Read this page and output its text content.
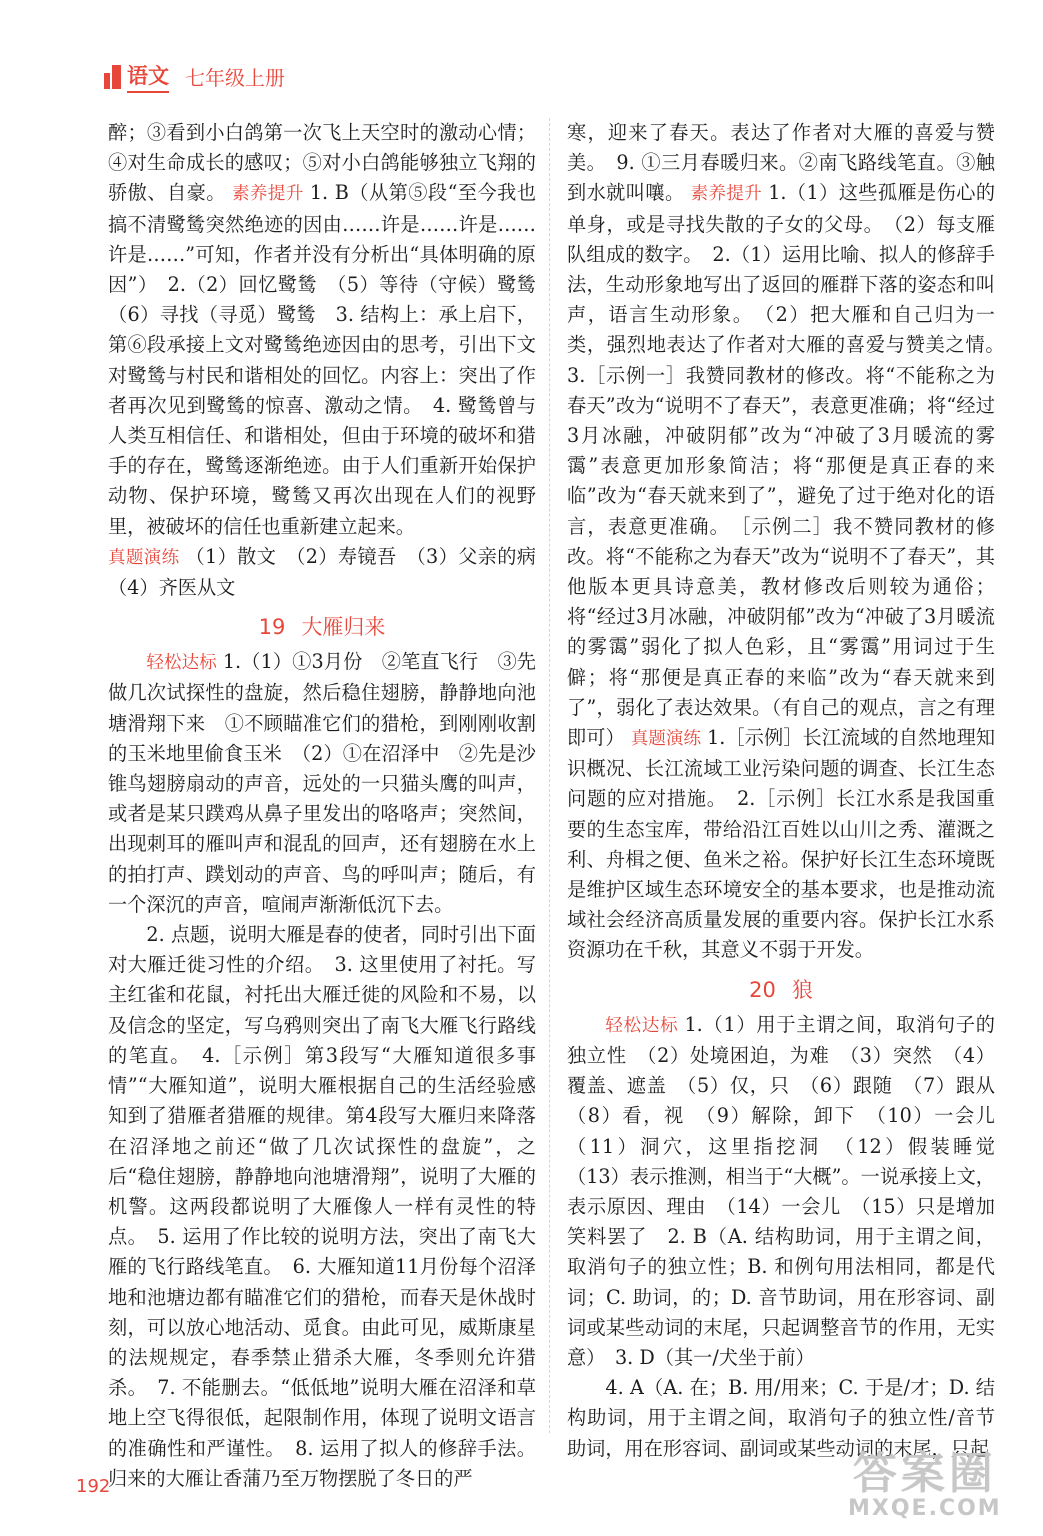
语文 七年级上册

醉；③看到小白鸽第一次飞上天空时的激动心情；④对生命成长的感叹；⑤对小白鸽能够独立飞翔的骄傲、自豪。 素养提升 1. B（从第⑤段“至今我也搞不清鹭鸶突然绝迹的因由……许是……许是……许是……”可知，作者并没有分析出“具体明确的原因”）　2.（2）回忆鹭鸶　（5）等待（守候）鹭鸶　（6）寻找（寻觅）鹭鸶　3. 结构上：承上启下，第⑥段承接上文对鹭鸶绝迹因由的思考，引出下文对鹭鸶与村民和谐相处的回忆。内容上：突出了作者再次见到鹭鸶的惊喜、激动之情。　4. 鹭鸶曾与人类互相信任、和谐相处，但由于环境的破坏和猎手的存在，鹭鸶逐渐绝迹。由于人们重新开始保护动物、保护环境，鹭鸶又再次出现在人们的视野里，被破坏的信任也重新建立起来。

真题演练 （1）散文　（2）寿镜吾　（3）父亲的病　（4）齐医从文

19 大雁归来

轻松达标 1.（1）①3月份　②笔直飞行　③先做几次试探性的盘旋，然后稳住翅膀，静静地向池塘滑翔下来　①不顾瞄准它们的猎枪，到刚刚收割的玉米地里偷食玉米　（2）①在沼泽中　②先是沙锥鸟翅膀扇动的声音，远处的一只猫头鹰的叫声，或者是某只蹼鸡从鼻子里发出的咯咯声；突然间，出现刺耳的雁叫声和混乱的回声，还有翅膀在水上的拍打声、蹼划动的声音、鸟的呼叫声；随后，有一个深沉的声音，喧闹声渐渐低沉下去。

2. 点题，说明大雁是春的使者，同时引出下面对大雁迁徙习性的介绍。　3. 这里使用了衬托。写主红雀和花鼠，衬托出大雁迁徙的风险和不易，以及信念的坚定，写乌鸦则突出了南飞大雁飞行路线的笔直。　4.［示例］第3段写“大雁知道很多事情”“大雁知道”，说明大雁根据自己的生活经验感知到了猎雁者猎雁的规律。第4段写大雁归来降落在沼泽地之前还“做了几次试探性的盘旋”，之后“稳住翅膀，静静地向池塘滑翔”，说明了大雁的机警。这两段都说明了大雁像人一样有灵性的特点。　5. 运用了作比较的说明方法，突出了南飞大雁的飞行路线笔直。　6. 大雁知道11月份每个沼泽地和池塘边都有瞄准它们的猎枪，而春天是休战时刻，可以放心地活动、觅食。由此可见，威斯康星的法规规定，春季禁止猎杀大雁，冬季则允许猎杀。　7. 不能删去。“低低地”说明大雁在沼泽和草地上空飞得很低，起限制作用，体现了说明文语言的准确性和严谨性。　8. 运用了拟人的修辞手法。归来的大雁让香蒲乃至万物摆脱了冬日的严

寒，迎来了春天。表达了作者对大雁的喜爱与赞美。　9. ①三月春暖归来。②南飞路线笔直。③触到水就叫嚷。 素养提升 1.（1）这些孤雁是伤心的单身，或是寻找失散的子女的父母。　（2）每支雁队组成的数字。　2.（1）运用比喻、拟人的修辞手法，生动形象地写出了返回的雁群下落的姿态和叫声，语言生动形象。　（2）把大雁和自己归为一类，强烈地表达了作者对大雁的喜爱与赞美之情。　3.［示例一］我赞同教材的修改。将“不能称之为春天”改为“说明不了春天”，表意更准确；将“经过3月冰融，冲破阴郁”改为“冲破了3月暖流的雾霭”表意更加形象简洁；将“那便是真正春的来临”改为“春天就来到了”，避免了过于绝对化的语言，表意更准确。　［示例二］我不赞同教材的修改。将“不能称之为春天”改为“说明不了春天”，其他版本更具诗意美，教材修改后则较为通俗；将“经过3月冰融，冲破阴郁”改为“冲破了3月暖流的雾霭”弱化了拟人色彩，且“雾霭”用词过于生僻；将“那便是真正春的来临”改为“春天就来到了”，弱化了表达效果。（有自己的观点，言之有理即可） 真题演练 1.［示例］长江流域的自然地理知识概况、长江流域工业污染问题的调查、长江生态问题的应对措施。　2.［示例］长江水系是我国重要的生态宝库，带给沿江百姓以山川之秀、灌溉之利、舟楫之便、鱼米之裕。保护好长江生态环境既是维护区域生态环境安全的基本要求，也是推动流域社会经济高质量发展的重要内容。保护长江水系资源功在千秋，其意义不弱于开发。

20 狼

轻松达标 1.（1）用于主谓之间，取消句子的独立性　（2）处境困迫，为难　（3）突然　（4）覆盖、遮盖　（5）仅，只　（6）跟随　（7）跟从　（8）看，视　（9）解除，卸下　（10）一会儿　（11）洞穴，这里指挖洞　（12）假装睡觉　（13）表示推测，相当于“大概”。一说承接上文，表示原因、理由　（14）一会儿　（15）只是增加笑料罢了　2. B（A. 结构助词，用于主谓之间，取消句子的独立性；B. 和例句用法相同，都是代词；C. 助词，的；D. 音节助词，用在形容词、副词或某些动词的末尾，只起调整音节的作用，无实意）　3. D（其一/犬坐于前）

4. A（A. 在；B. 用/用来；C. 于是/才；D. 结构助词，用于主谓之间，取消句子的独立性/音节助词，用在形容词、副词或某些动词的末尾，只起

192	答案圈
MXQE.COM
